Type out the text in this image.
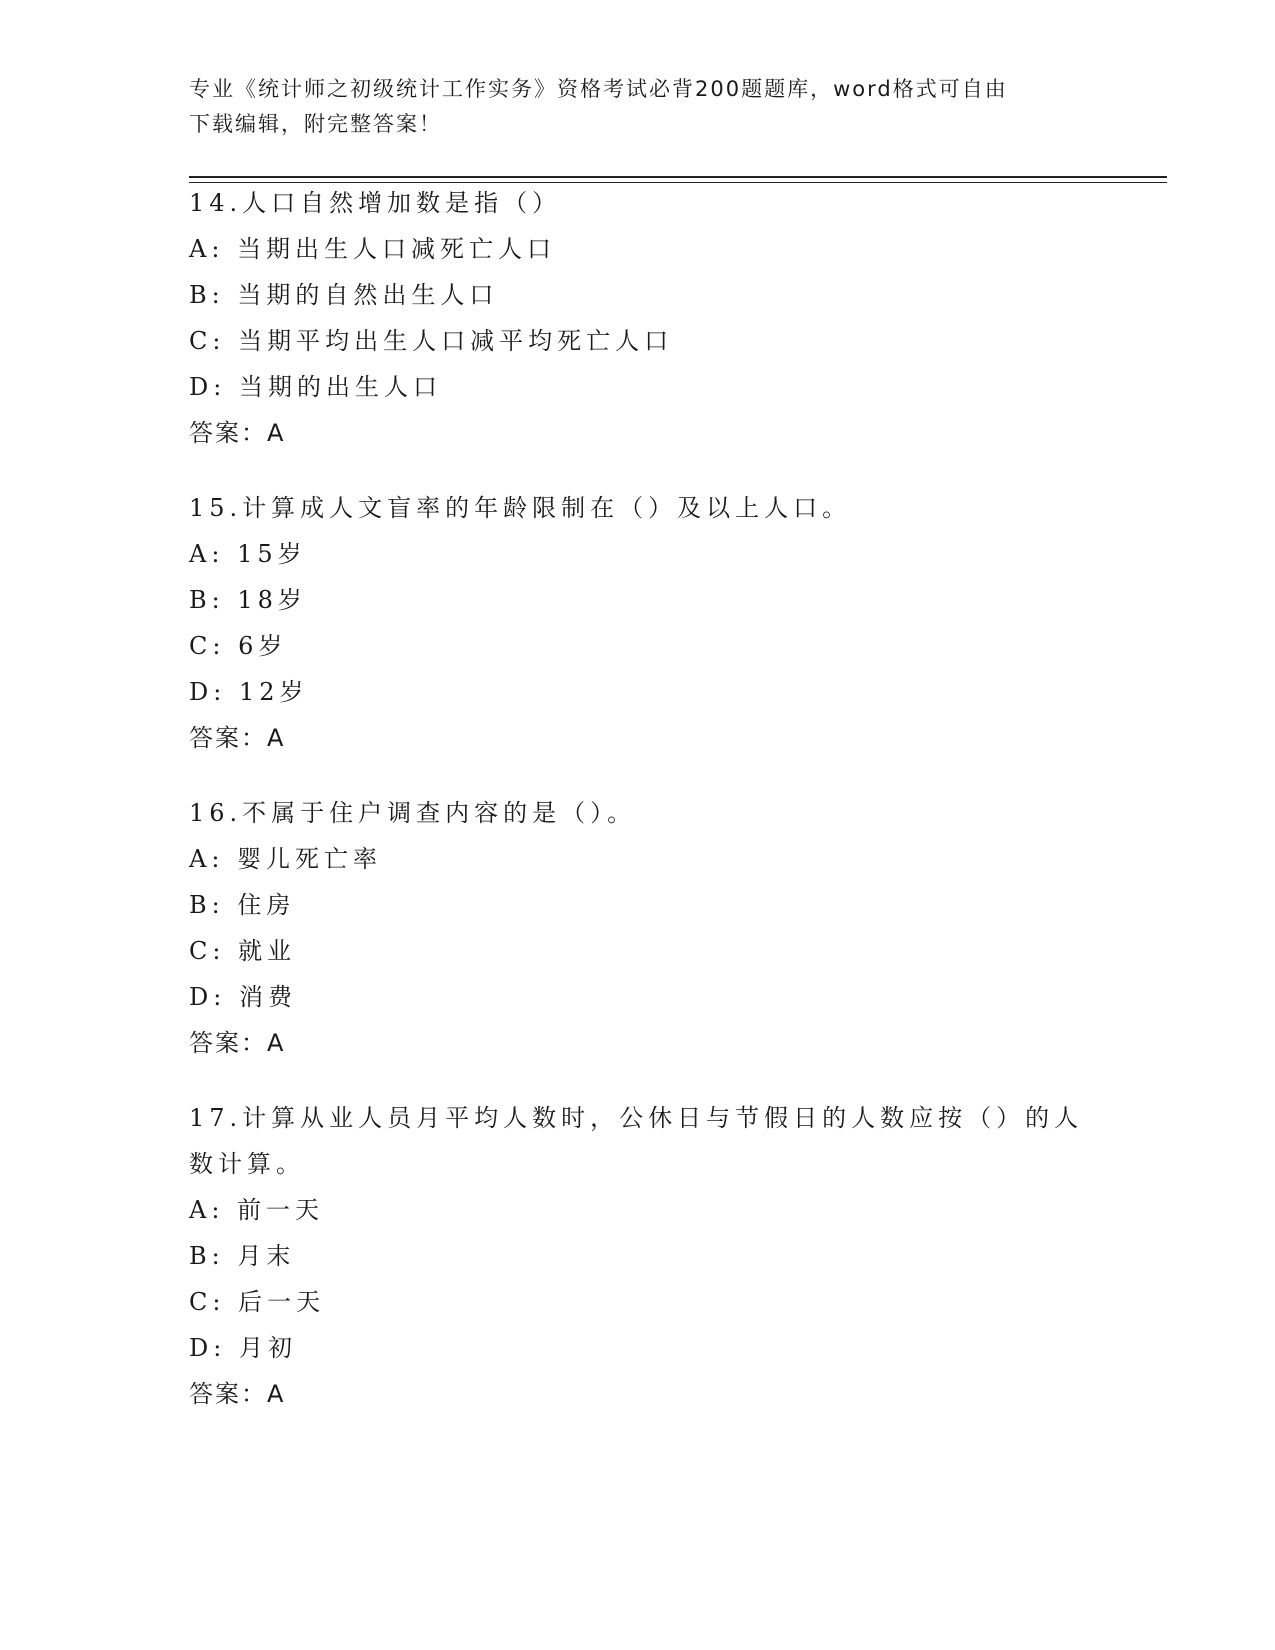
专业《统计师之初级统计工作实务》资格考试必背200题题库，word格式可自由
下载编辑，附完整答案！
14.人口自然增加数是指（）
A: 当期出生人口减死亡人口
B: 当期的自然出生人口
C: 当期平均出生人口减平均死亡人口
D: 当期的出生人口
答案：A
15.计算成人文盲率的年龄限制在（）及以上人口。
A: 15岁
B: 18岁
C: 6岁
D: 12岁
答案：A
16.不属于住户调查内容的是（）。
A: 婴儿死亡率
B: 住房
C: 就业
D: 消费
答案：A
17.计算从业人员月平均人数时，公休日与节假日的人数应按（）的人
数计算。
A: 前一天
B: 月末
C: 后一天
D: 月初
答案：A
